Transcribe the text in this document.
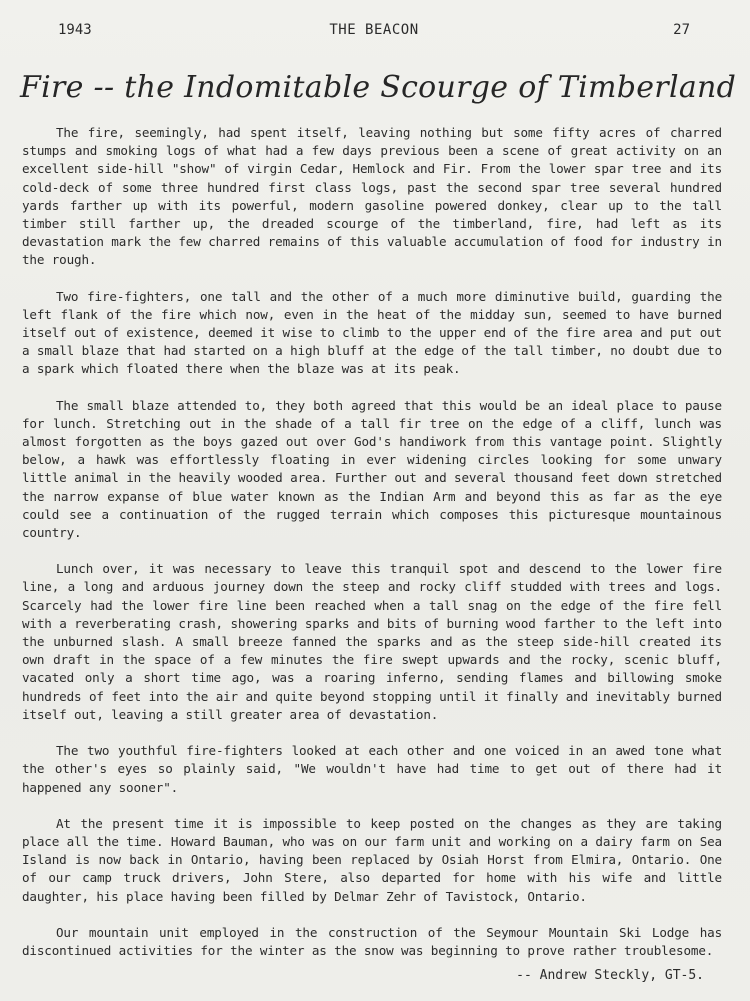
1943	THE BEACON	27
Fire -- the Indomitable Scourge of Timberland

The fire, seemingly, had spent itself, leaving nothing but some fifty acres of charred stumps and smoking logs of what had a few days previous been a scene of great activity on an excellent side-hill "show" of virgin Cedar, Hemlock and Fir. From the lower spar tree and its cold-deck of some three hundred first class logs, past the second spar tree several hundred yards farther up with its powerful, modern gasoline powered donkey, clear up to the tall timber still farther up, the dreaded scourge of the timberland, fire, had left as its devastation mark the few charred remains of this valuable accumulation of food for industry in the rough.

Two fire-fighters, one tall and the other of a much more diminutive build, guarding the left flank of the fire which now, even in the heat of the midday sun, seemed to have burned itself out of existence, deemed it wise to climb to the upper end of the fire area and put out a small blaze that had started on a high bluff at the edge of the tall timber, no doubt due to a spark which floated there when the blaze was at its peak.

The small blaze attended to, they both agreed that this would be an ideal place to pause for lunch. Stretching out in the shade of a tall fir tree on the edge of a cliff, lunch was almost forgotten as the boys gazed out over God's handiwork from this vantage point. Slightly below, a hawk was effortlessly floating in ever widening circles looking for some unwary little animal in the heavily wooded area. Further out and several thousand feet down stretched the narrow expanse of blue water known as the Indian Arm and beyond this as far as the eye could see a continuation of the rugged terrain which composes this picturesque mountainous country.

Lunch over, it was necessary to leave this tranquil spot and descend to the lower fire line, a long and arduous journey down the steep and rocky cliff studded with trees and logs. Scarcely had the lower fire line been reached when a tall snag on the edge of the fire fell with a reverberating crash, showering sparks and bits of burning wood farther to the left into the unburned slash. A small breeze fanned the sparks and as the steep side-hill created its own draft in the space of a few minutes the fire swept upwards and the rocky, scenic bluff, vacated only a short time ago, was a roaring inferno, sending flames and billowing smoke hundreds of feet into the air and quite beyond stopping until it finally and inevitably burned itself out, leaving a still greater area of devastation.

The two youthful fire-fighters looked at each other and one voiced in an awed tone what the other's eyes so plainly said, "We wouldn't have had time to get out of there had it happened any sooner".

At the present time it is impossible to keep posted on the changes as they are taking place all the time. Howard Bauman, who was on our farm unit and working on a dairy farm on Sea Island is now back in Ontario, having been replaced by Osiah Horst from Elmira, Ontario. One of our camp truck drivers, John Stere, also departed for home with his wife and little daughter, his place having been filled by Delmar Zehr of Tavistock, Ontario.

Our mountain unit employed in the construction of the Seymour Mountain Ski Lodge has discontinued activities for the winter as the snow was beginning to prove rather troublesome.

-- Andrew Steckly, GT-5.
